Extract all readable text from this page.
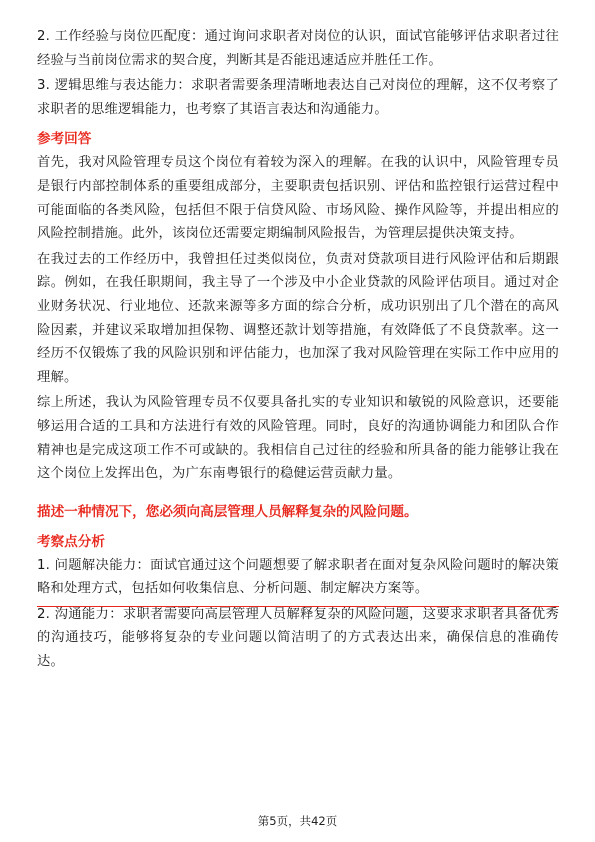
2. 工作经验与岗位匹配度：通过询问求职者对岗位的认识，面试官能够评估求职者过往经验与当前岗位需求的契合度，判断其是否能迅速适应并胜任工作。

3. 逻辑思维与表达能力：求职者需要条理清晰地表达自己对岗位的理解，这不仅考察了求职者的思维逻辑能力，也考察了其语言表达和沟通能力。

参考回答

首先，我对风险管理专员这个岗位有着较为深入的理解。在我的认识中，风险管理专员是银行内部控制体系的重要组成部分，主要职责包括识别、评估和监控银行运营过程中可能面临的各类风险，包括但不限于信贷风险、市场风险、操作风险等，并提出相应的风险控制措施。此外，该岗位还需要定期编制风险报告，为管理层提供决策支持。

在我过去的工作经历中，我曾担任过类似岗位，负责对贷款项目进行风险评估和后期跟踪。例如，在我任职期间，我主导了一个涉及中小企业贷款的风险评估项目。通过对企业财务状况、行业地位、还款来源等多方面的综合分析，成功识别出了几个潜在的高风险因素，并建议采取增加担保物、调整还款计划等措施，有效降低了不良贷款率。这一经历不仅锻炼了我的风险识别和评估能力，也加深了我对风险管理在实际工作中应用的理解。

综上所述，我认为风险管理专员不仅要具备扎实的专业知识和敏锐的风险意识，还要能够运用合适的工具和方法进行有效的风险管理。同时，良好的沟通协调能力和团队合作精神也是完成这项工作不可或缺的。我相信自己过往的经验和所具备的能力能够让我在这个岗位上发挥出色，为广东南粤银行的稳健运营贡献力量。

描述一种情况下，您必须向高层管理人员解释复杂的风险问题。
考察点分析

1. 问题解决能力：面试官通过这个问题想要了解求职者在面对复杂风险问题时的解决策略和处理方式，包括如何收集信息、分析问题、制定解决方案等。

2. 沟通能力：求职者需要向高层管理人员解释复杂的风险问题，这要求求职者具备优秀的沟通技巧，能够将复杂的专业问题以简洁明了的方式表达出来，确保信息的准确传达。

第5页，共42页
